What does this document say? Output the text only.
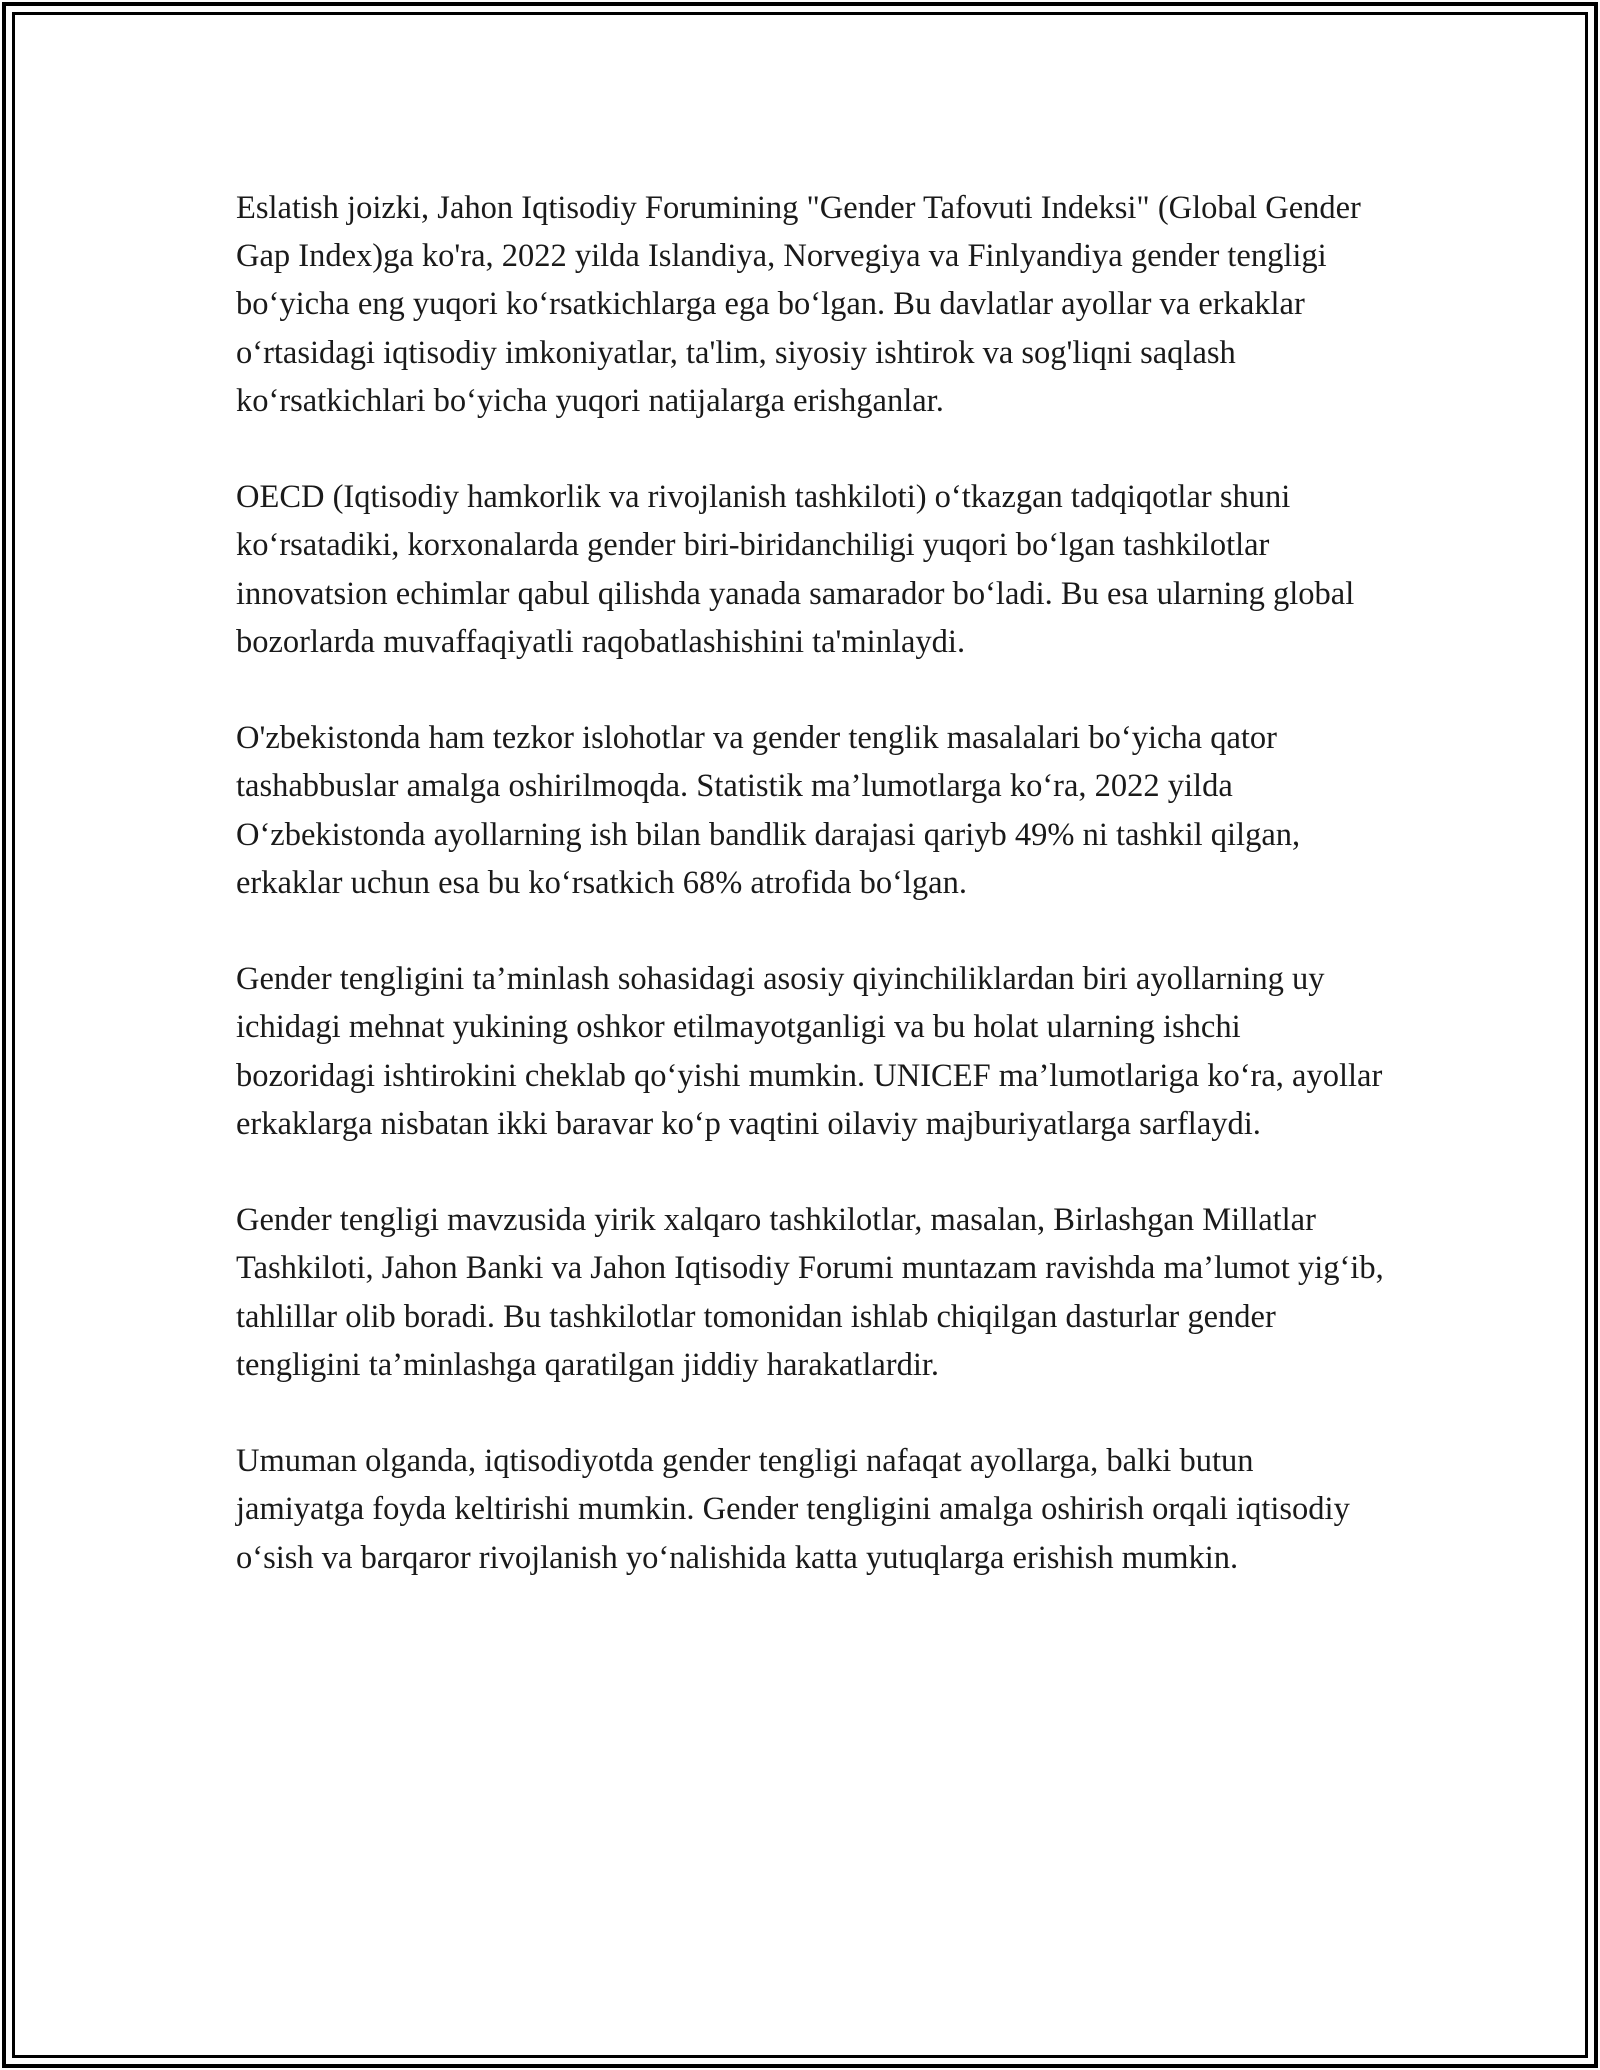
Eslatish joizki, Jahon Iqtisodiy Forumining "Gender Tafovuti Indeksi" (Global Gender Gap Index)ga ko'ra, 2022 yilda Islandiya, Norvegiya va Finlyandiya gender tengligi boʻyicha eng yuqori koʻrsatkichlarga ega boʻlgan. Bu davlatlar ayollar va erkaklar oʻrtasidagi iqtisodiy imkoniyatlar, ta'lim, siyosiy ishtirok va sog'liqni saqlash koʻrsatkichlari boʻyicha yuqori natijalarga erishganlar.

OECD (Iqtisodiy hamkorlik va rivojlanish tashkiloti) oʻtkazgan tadqiqotlar shuni koʻrsatadiki, korxonalarda gender biri-biridanchiligi yuqori boʻlgan tashkilotlar innovatsion echimlar qabul qilishda yanada samarador boʻladi. Bu esa ularning global bozorlarda muvaffaqiyatli raqobatlashishini ta'minlaydi.

O'zbekistonda ham tezkor islohotlar va gender tenglik masalalari boʻyicha qator tashabbuslar amalga oshirilmoqda. Statistik ma’lumotlarga koʻra, 2022 yilda Oʻzbekistonda ayollarning ish bilan bandlik darajasi qariyb 49% ni tashkil qilgan, erkaklar uchun esa bu koʻrsatkich 68% atrofida boʻlgan.

Gender tengligini ta’minlash sohasidagi asosiy qiyinchiliklardan biri ayollarning uy ichidagi mehnat yukining oshkor etilmayotganligi va bu holat ularning ishchi bozoridagi ishtirokini cheklab qoʻyishi mumkin. UNICEF ma’lumotlariga koʻra, ayollar erkaklarga nisbatan ikki baravar koʻp vaqtini oilaviy majburiyatlarga sarflaydi.

Gender tengligi mavzusida yirik xalqaro tashkilotlar, masalan, Birlashgan Millatlar Tashkiloti, Jahon Banki va Jahon Iqtisodiy Forumi muntazam ravishda ma’lumot yigʻib, tahlillar olib boradi. Bu tashkilotlar tomonidan ishlab chiqilgan dasturlar gender tengligini ta’minlashga qaratilgan jiddiy harakatlardir.

Umuman olganda, iqtisodiyotda gender tengligi nafaqat ayollarga, balki butun jamiyatga foyda keltirishi mumkin. Gender tengligini amalga oshirish orqali iqtisodiy oʻsish va barqaror rivojlanish yoʻnalishida katta yutuqlarga erishish mumkin.
